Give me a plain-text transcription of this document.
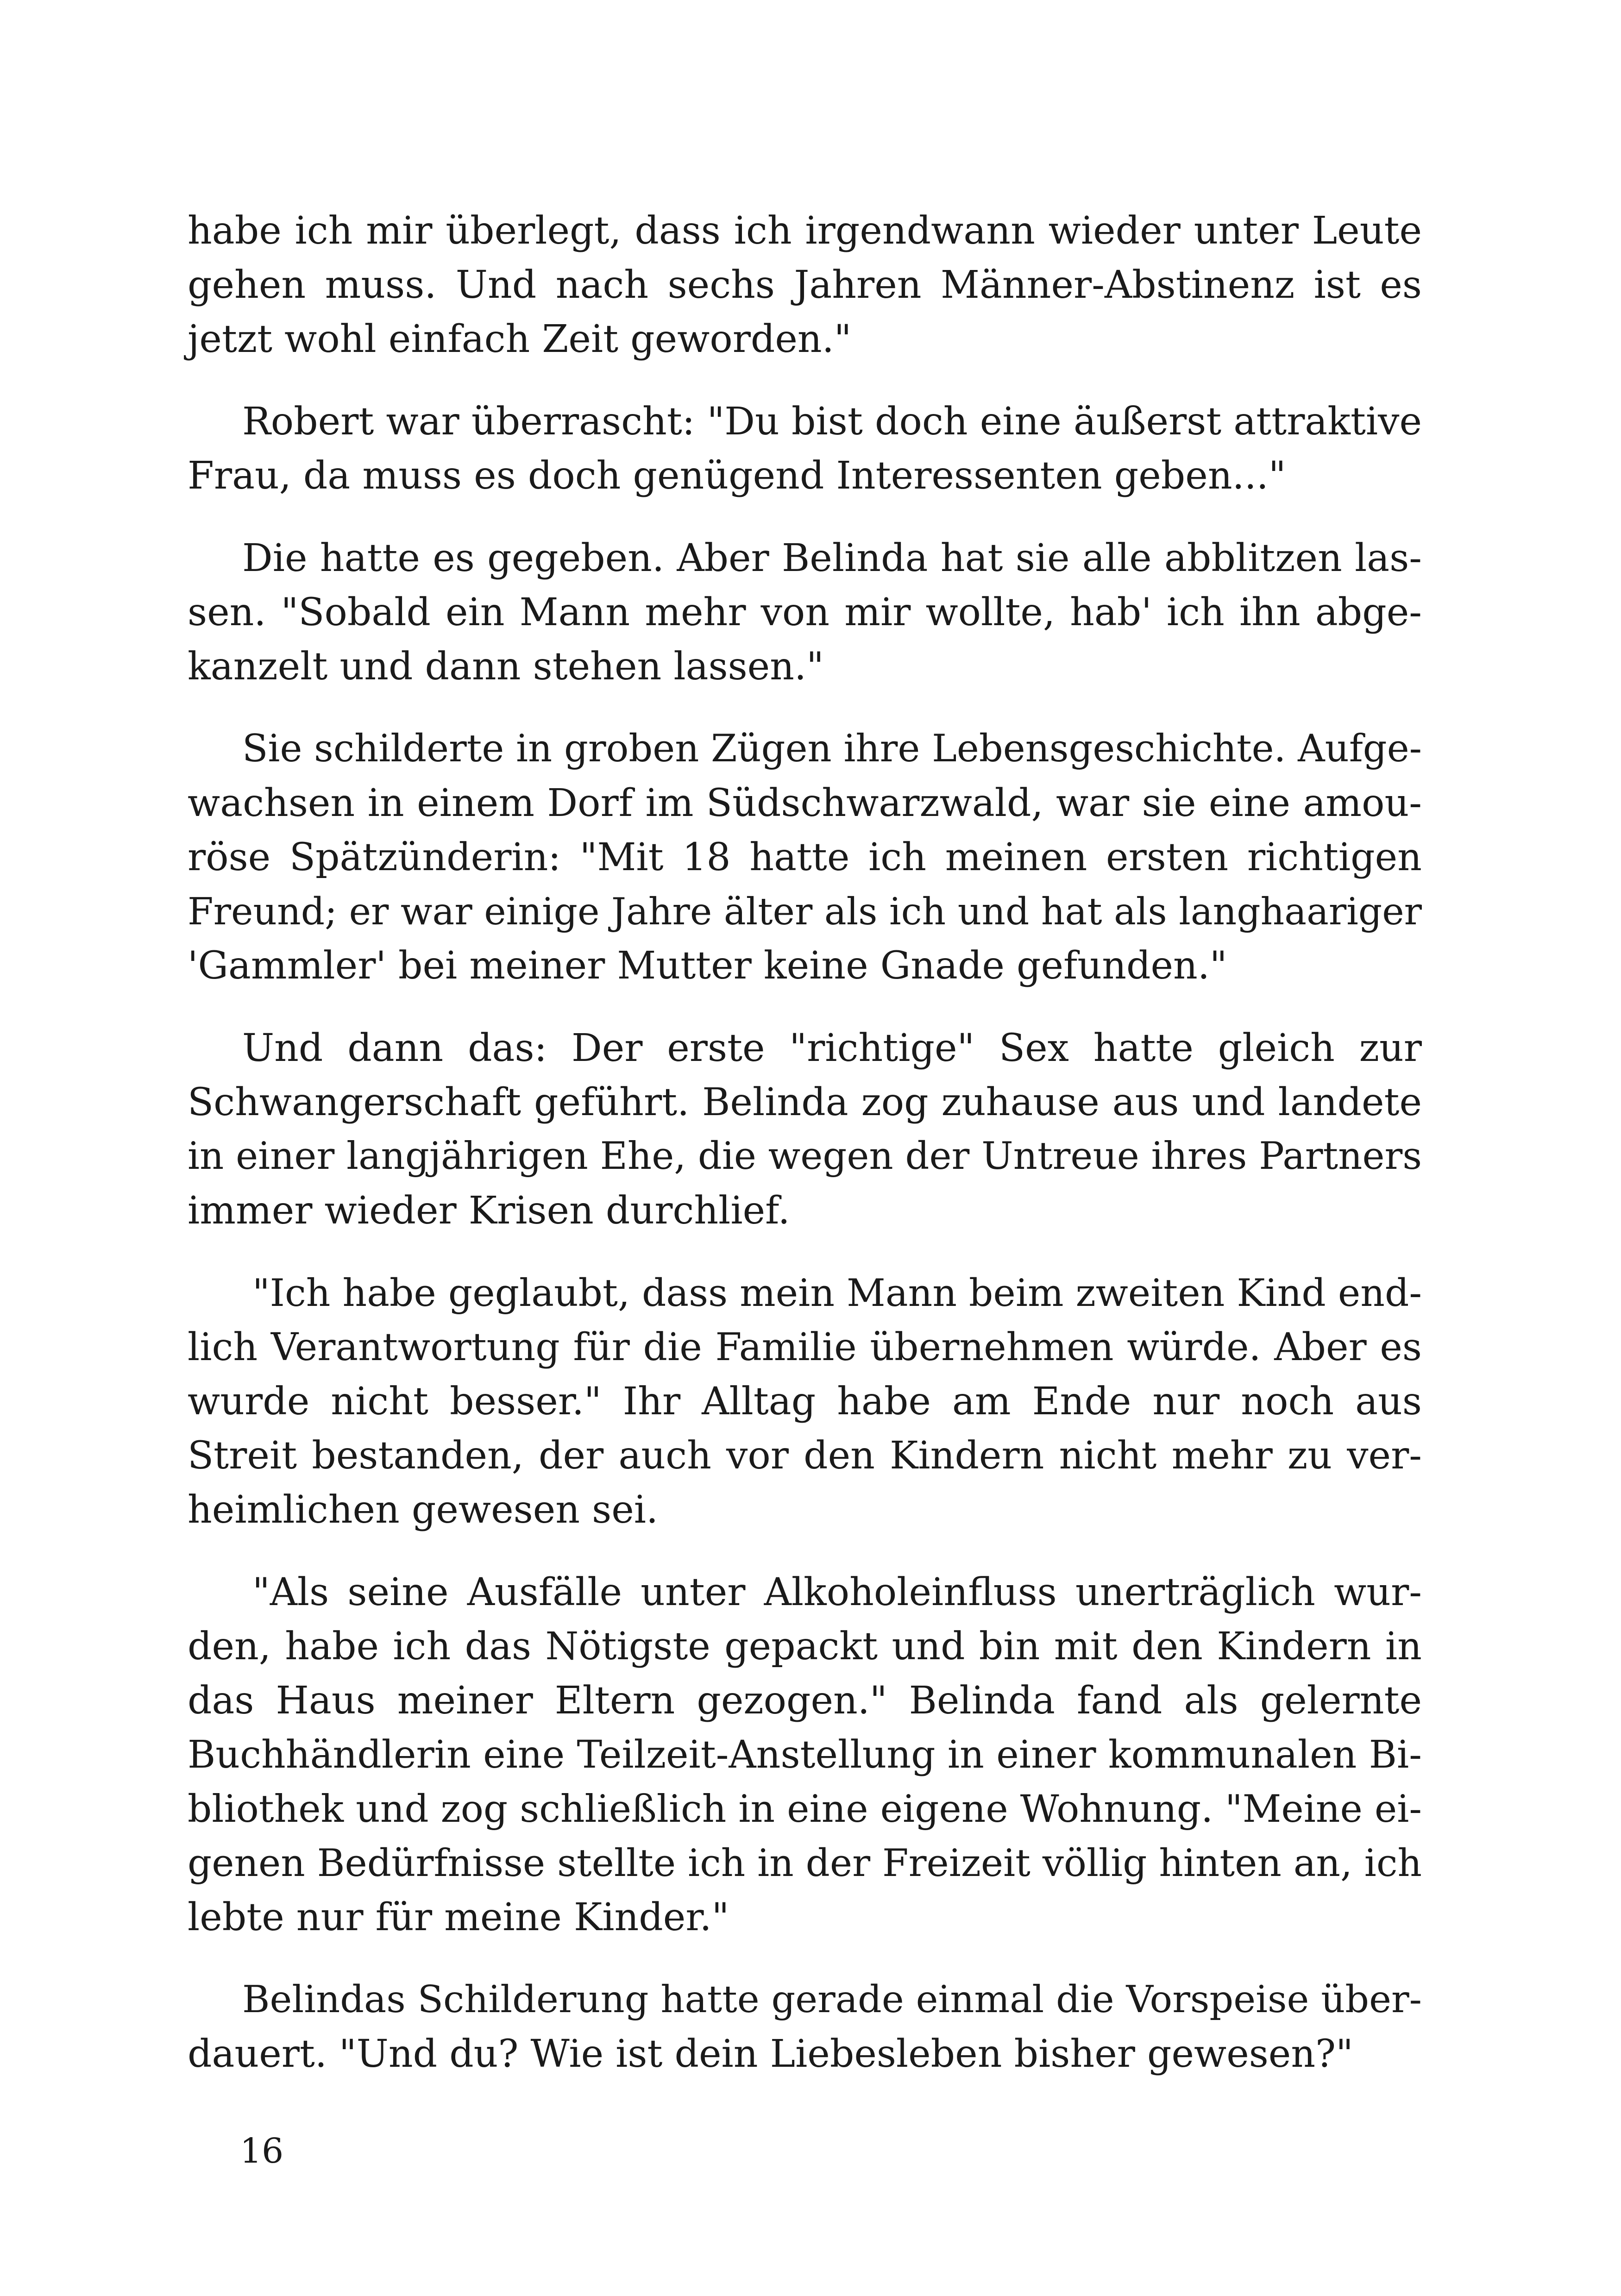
habe ich mir überlegt, dass ich irgendwann wieder unter Leute
gehen muss. Und nach sechs Jahren Männer-Abstinenz ist es
jetzt wohl einfach Zeit geworden."
Robert war überrascht: "Du bist doch eine äußerst attraktive
Frau, da muss es doch genügend Interessenten geben..."
Die hatte es gegeben. Aber Belinda hat sie alle abblitzen las-
sen. "Sobald ein Mann mehr von mir wollte, hab' ich ihn abge-
kanzelt und dann stehen lassen."
Sie schilderte in groben Zügen ihre Lebensgeschichte. Aufge-
wachsen in einem Dorf im Südschwarzwald, war sie eine amou-
röse Spätzünderin: "Mit 18 hatte ich meinen ersten richtigen
Freund; er war einige Jahre älter als ich und hat als langhaariger
'Gammler' bei meiner Mutter keine Gnade gefunden."
Und dann das: Der erste "richtige" Sex hatte gleich zur
Schwangerschaft geführt. Belinda zog zuhause aus und landete
in einer langjährigen Ehe, die wegen der Untreue ihres Partners
immer wieder Krisen durchlief.
"Ich habe geglaubt, dass mein Mann beim zweiten Kind end-
lich Verantwortung für die Familie übernehmen würde. Aber es
wurde nicht besser." Ihr Alltag habe am Ende nur noch aus
Streit bestanden, der auch vor den Kindern nicht mehr zu ver-
heimlichen gewesen sei.
"Als seine Ausfälle unter Alkoholeinfluss unerträglich wur-
den, habe ich das Nötigste gepackt und bin mit den Kindern in
das Haus meiner Eltern gezogen." Belinda fand als gelernte
Buchhändlerin eine Teilzeit-Anstellung in einer kommunalen Bi-
bliothek und zog schließlich in eine eigene Wohnung. "Meine ei-
genen Bedürfnisse stellte ich in der Freizeit völlig hinten an, ich
lebte nur für meine Kinder."
Belindas Schilderung hatte gerade einmal die Vorspeise über-
dauert. "Und du? Wie ist dein Liebesleben bisher gewesen?"
16
